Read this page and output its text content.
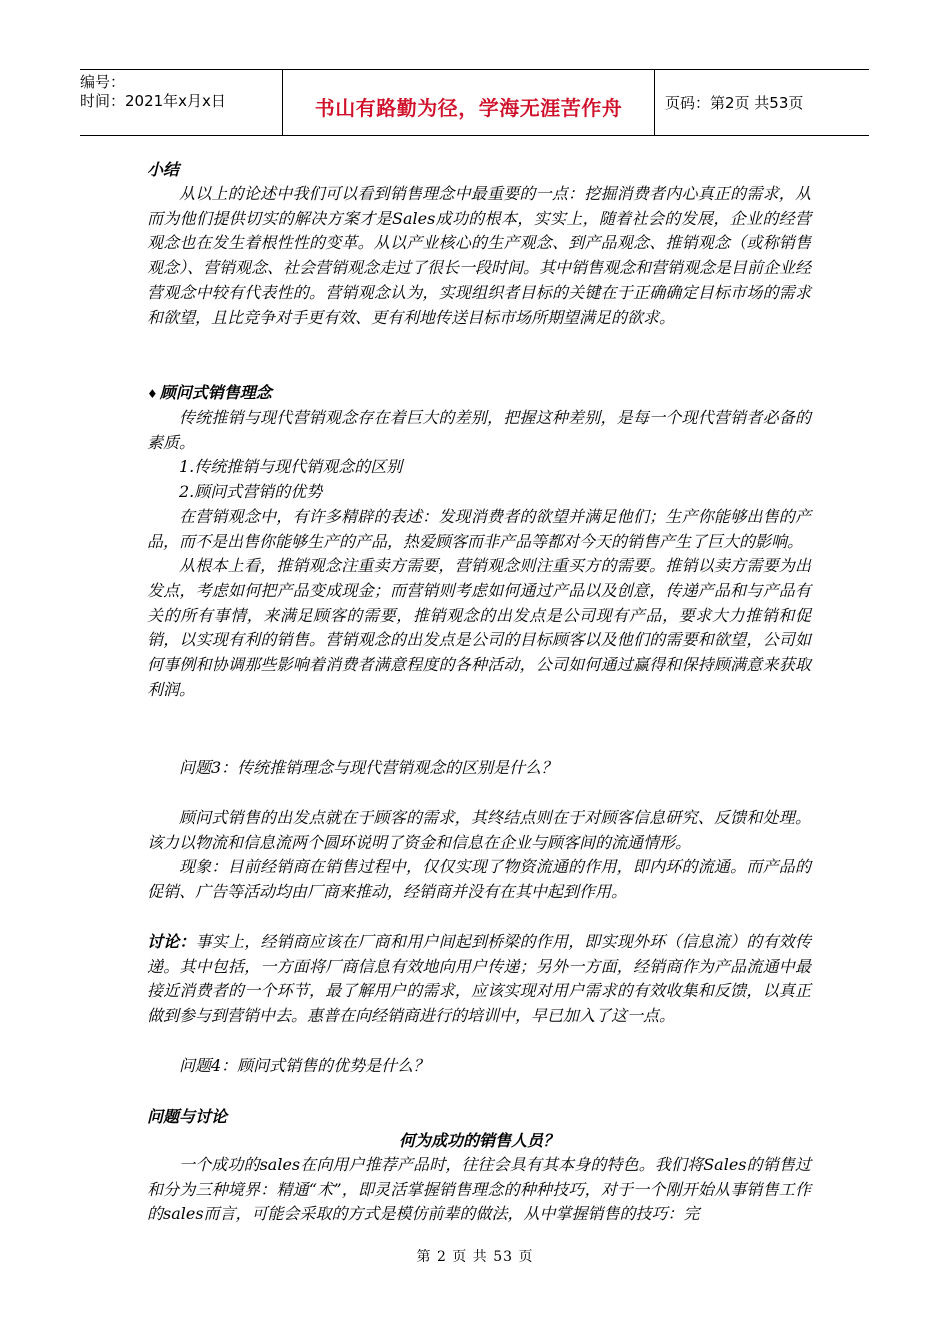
编号：
时间：2021年x月x日	书山有路勤为径，学海无涯苦作舟	页码：第2页 共53页

小结

从以上的论述中我们可以看到销售理念中最重要的一点：挖掘消费者内心真正的需求，从而为他们提供切实的解决方案才是Sales成功的根本，实实上，随着社会的发展，企业的经营观念也在发生着根性性的变革。从以产业核心的生产观念、到产品观念、推销观念（或称销售观念）、营销观念、社会营销观念走过了很长一段时间。其中销售观念和营销观念是目前企业经营观念中较有代表性的。营销观念认为，实现组织者目标的关键在于正确确定目标市场的需求和欲望，且比竞争对手更有效、更有利地传送目标市场所期望满足的欲求。

♦ 顾问式销售理念

传统推销与现代营销观念存在着巨大的差别，把握这种差别，是每一个现代营销者必备的素质。

1.传统推销与现代销观念的区别

2.顾问式营销的优势

在营销观念中，有许多精辟的表述：发现消费者的欲望并满足他们；生产你能够出售的产品，而不是出售你能够生产的产品，热爱顾客而非产品等都对今天的销售产生了巨大的影响。

从根本上看，推销观念注重卖方需要，营销观念则注重买方的需要。推销以卖方需要为出发点，考虑如何把产品变成现金；而营销则考虑如何通过产品以及创意，传递产品和与产品有关的所有事情，来满足顾客的需要，推销观念的出发点是公司现有产品，要求大力推销和促销，以实现有利的销售。营销观念的出发点是公司的目标顾客以及他们的需要和欲望，公司如何事例和协调那些影响着消费者满意程度的各种活动，公司如何通过赢得和保持顾满意来获取利润。

问题3：传统推销理念与现代营销观念的区别是什么？

顾问式销售的出发点就在于顾客的需求，其终结点则在于对顾客信息研究、反馈和处理。该力以物流和信息流两个圆环说明了资金和信息在企业与顾客间的流通情形。

现象：目前经销商在销售过程中，仅仅实现了物资流通的作用，即内环的流通。而产品的促销、广告等活动均由厂商来推动，经销商并没有在其中起到作用。

讨论：事实上，经销商应该在厂商和用户间起到桥梁的作用，即实现外环（信息流）的有效传递。其中包括，一方面将厂商信息有效地向用户传递；另外一方面，经销商作为产品流通中最接近消费者的一个环节，最了解用户的需求，应该实现对用户需求的有效收集和反馈，以真正做到参与到营销中去。惠普在向经销商进行的培训中，早已加入了这一点。

问题4：顾问式销售的优势是什么？

问题与讨论

何为成功的销售人员？

一个成功的sales在向用户推荐产品时，往往会具有其本身的特色。我们将Sales的销售过和分为三种境界：精通“术”，即灵活掌握销售理念的种种技巧，对于一个刚开始从事销售工作的sales而言，可能会采取的方式是模仿前辈的做法，从中掌握销售的技巧：完

第 2 页 共 53 页
